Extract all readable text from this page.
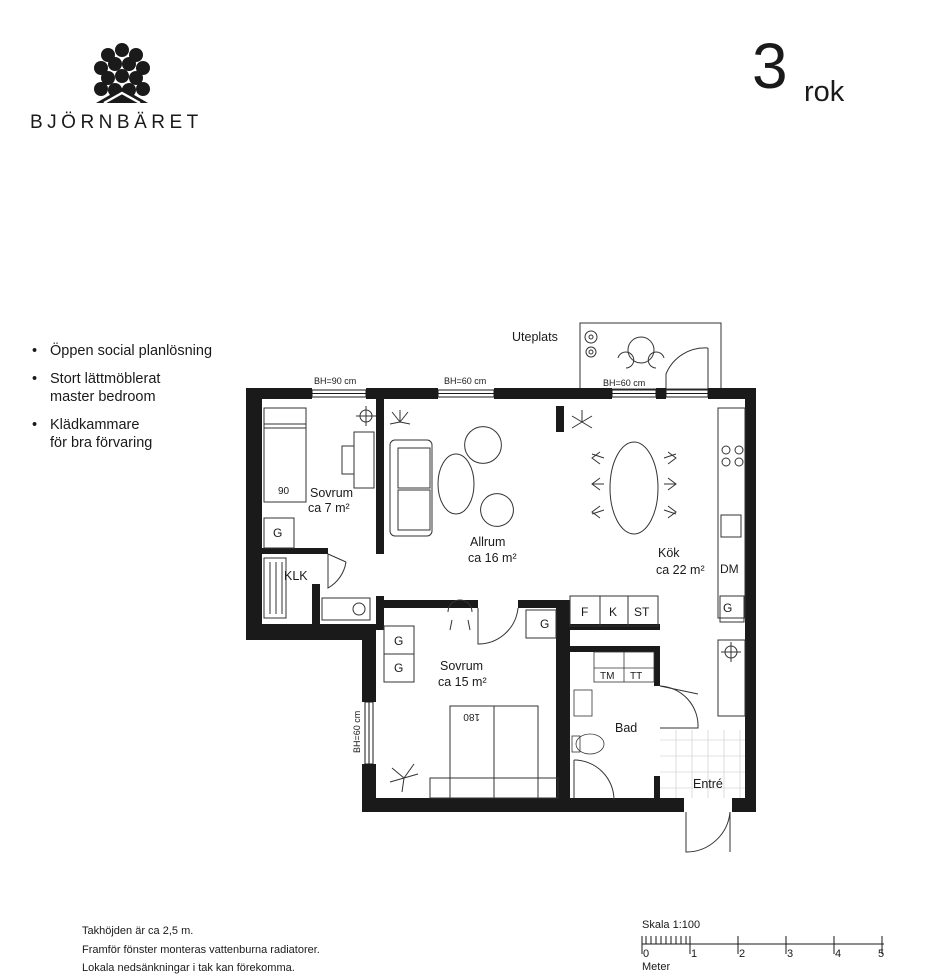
BJÖRNBÄRET
3 rok
• Öppen social planlösning
• Stort lättmöblerat
master bedroom
• Klädkammare
för bra förvaring
Uteplats
BH=90 cm	BH=60 cm	BH=60 cm
BH=60 cm
Sovrum
ca 7 m²
90
Allrum
ca 16 m²	Kök
ca 22 m²
KLK
Sovrum
ca 15 m²
Bad
Entré
180
G
G
G
G
G
F K ST
DM
TM TT
0	1	2	3	4	5
Skala 1:100
Meter
Takhöjden är ca 2,5 m.
Framför fönster monteras vattenburna radiatorer.
Lokala nedsänkningar i tak kan förekomma.
